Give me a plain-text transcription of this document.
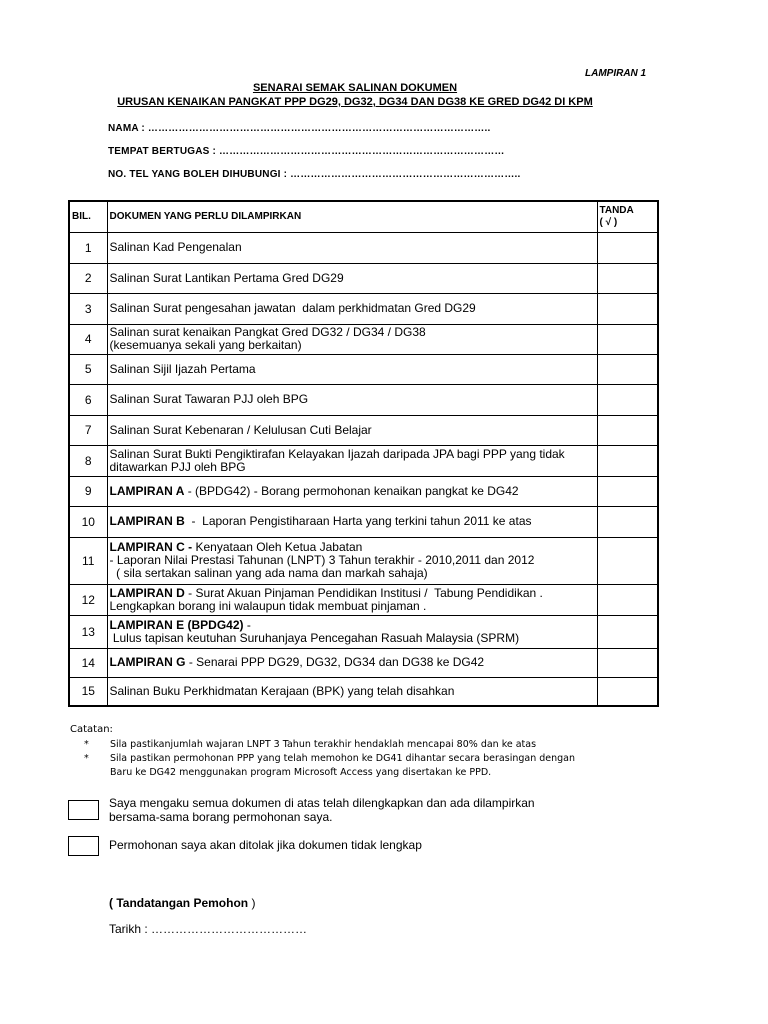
LAMPIRAN 1
SENARAI SEMAK SALINAN DOKUMEN
URUSAN KENAIKAN PANGKAT PPP DG29, DG32, DG34 DAN DG38 KE GRED DG42 DI KPM
NAMA : ………………………………………………………………………………………..
TEMPAT BERTUGAS : …………………………………………………………………………
NO. TEL YANG BOLEH DIHUBUNGI : …………………………………………………………..
BIL.	DOKUMEN YANG PERLU DILAMPIRKAN	TANDA
( √ )

1	Salinan Kad Pengenalan	

2	Salinan Surat Lantikan Pertama Gred DG29	

3	Salinan Surat pengesahan jawatan  dalam perkhidmatan Gred DG29	

4	Salinan surat kenaikan Pangkat Gred DG32 / DG34 / DG38
(kesemuanya sekali yang berkaitan)	

5	Salinan Sijil Ijazah Pertama	

6	Salinan Surat Tawaran PJJ oleh BPG	

7	Salinan Surat Kebenaran / Kelulusan Cuti Belajar	

8	Salinan Surat Bukti Pengiktirafan Kelayakan Ijazah daripada JPA bagi PPP yang tidak
ditawarkan PJJ oleh BPG	

9	LAMPIRAN A - (BPDG42) - Borang permohonan kenaikan pangkat ke DG42	

10	LAMPIRAN B  -  Laporan Pengistiharaan Harta yang terkini tahun 2011 ke atas	

11	LAMPIRAN C - Kenyataan Oleh Ketua Jabatan
- Laporan Nilai Prestasi Tahunan (LNPT) 3 Tahun terakhir - 2010,2011 dan 2012
( sila sertakan salinan yang ada nama dan markah sahaja)	

12	LAMPIRAN D - Surat Akuan Pinjaman Pendidikan Institusi /  Tabung Pendidikan .
Lengkapkan borang ini walaupun tidak membuat pinjaman .	

13	LAMPIRAN E (BPDG42) -
Lulus tapisan keutuhan Suruhanjaya Pencegahan Rasuah Malaysia (SPRM)	

14	LAMPIRAN G - Senarai PPP DG29, DG32, DG34 dan DG38 ke DG42	

15	Salinan Buku Perkhidmatan Kerajaan (BPK) yang telah disahkan	

Catatan:
* Sila pastikanjumlah wajaran LNPT 3 Tahun terakhir hendaklah mencapai 80% dan ke atas
* Sila pastikan permohonan PPP yang telah memohon ke DG41 dihantar secara berasingan dengan
Baru ke DG42 menggunakan program Microsoft Access yang disertakan ke PPD.
Saya mengaku semua dokumen di atas telah dilengkapkan dan ada dilampirkan
bersama-sama borang permohonan saya.
Permohonan saya akan ditolak jika dokumen tidak lengkap
( Tandatangan Pemohon )
Tarikh : …………………………………
